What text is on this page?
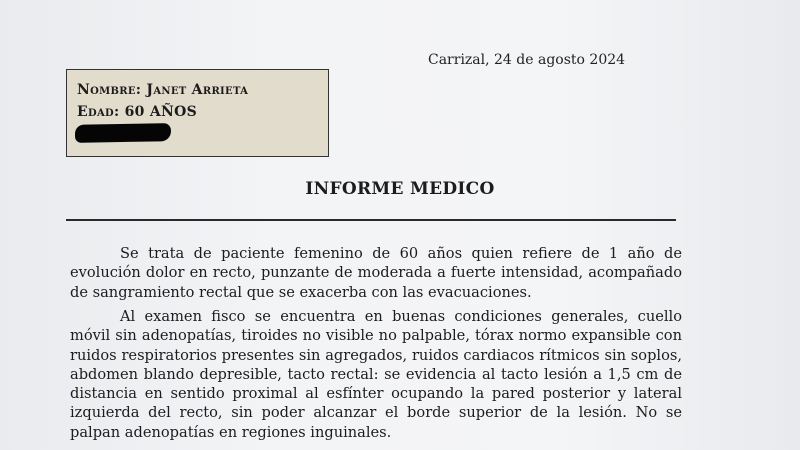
Carrizal, 24 de agosto 2024
Nombre: Janet Arrieta
Edad: 60 AÑOS
INFORME MEDICO

Se trata de paciente femenino de 60 años quien refiere de 1 año de evolución dolor en recto, punzante de moderada a fuerte intensidad, acompañado de sangramiento rectal que se exacerba con las evacuaciones.

Al examen fisco se encuentra en buenas condiciones generales, cuello móvil sin adenopatías, tiroides no visible no palpable, tórax normo expansible con ruidos respiratorios presentes sin agregados, ruidos cardiacos rítmicos sin soplos, abdomen blando depresible, tacto rectal: se evidencia al tacto lesión a 1,5 cm de distancia en sentido proximal al esfínter ocupando la pared posterior y lateral izquierda del recto, sin poder alcanzar el borde superior de la lesión. No se palpan adenopatías en regiones inguinales.
